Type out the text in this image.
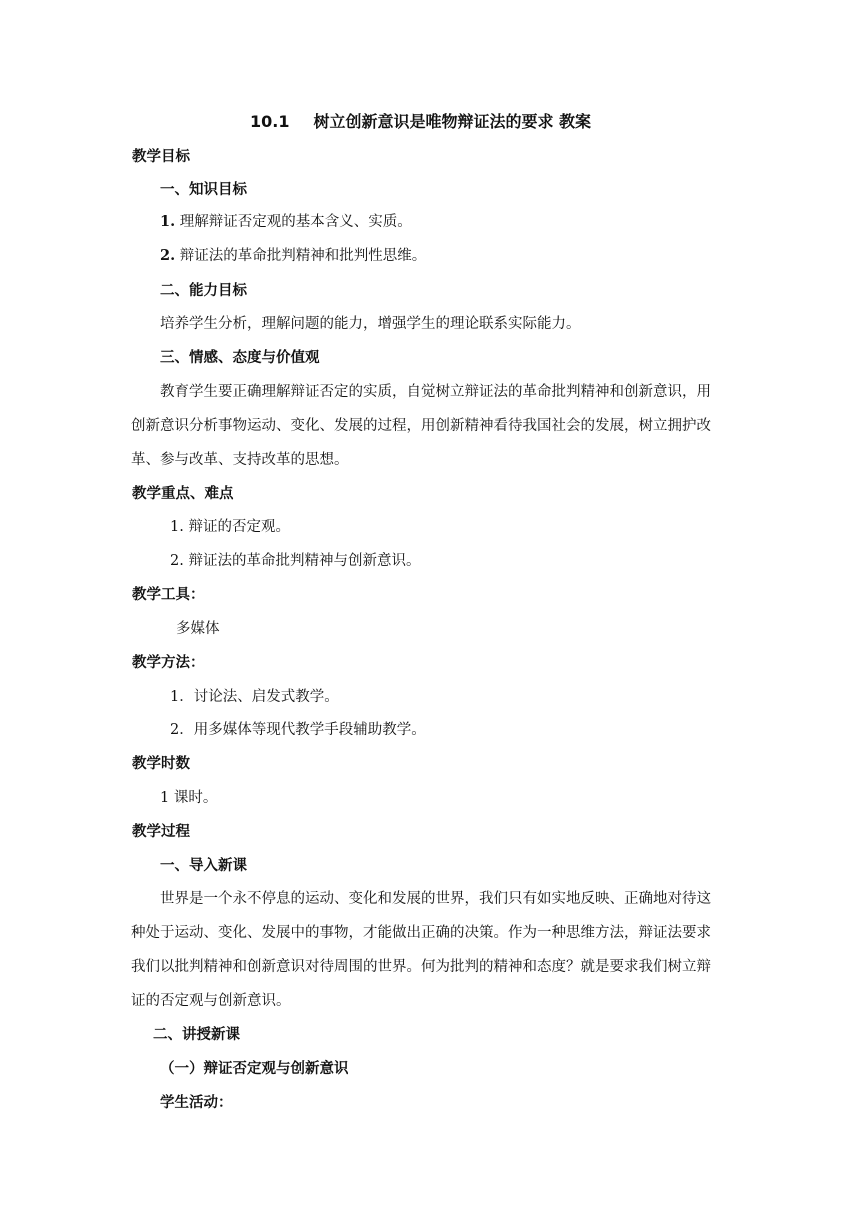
10.1 树立创新意识是唯物辩证法的要求 教案
教学目标
一、知识目标
1. 理解辩证否定观的基本含义、实质。
2. 辩证法的革命批判精神和批判性思维。
二、能力目标
培养学生分析，理解问题的能力，增强学生的理论联系实际能力。
三、情感、态度与价值观
教育学生要正确理解辩证否定的实质，自觉树立辩证法的革命批判精神和创新意识，用
创新意识分析事物运动、变化、发展的过程，用创新精神看待我国社会的发展，树立拥护改
革、参与改革、支持改革的思想。
教学重点、难点
1. 辩证的否定观。
2. 辩证法的革命批判精神与创新意识。
教学工具：
多媒体
教学方法：
1．讨论法、启发式教学。
2．用多媒体等现代教学手段辅助教学。
教学时数
1 课时。
教学过程
一、导入新课
世界是一个永不停息的运动、变化和发展的世界，我们只有如实地反映、正确地对待这
种处于运动、变化、发展中的事物，才能做出正确的决策。作为一种思维方法，辩证法要求
我们以批判精神和创新意识对待周围的世界。何为批判的精神和态度？就是要求我们树立辩
证的否定观与创新意识。
二、讲授新课
（一）辩证否定观与创新意识
学生活动：
